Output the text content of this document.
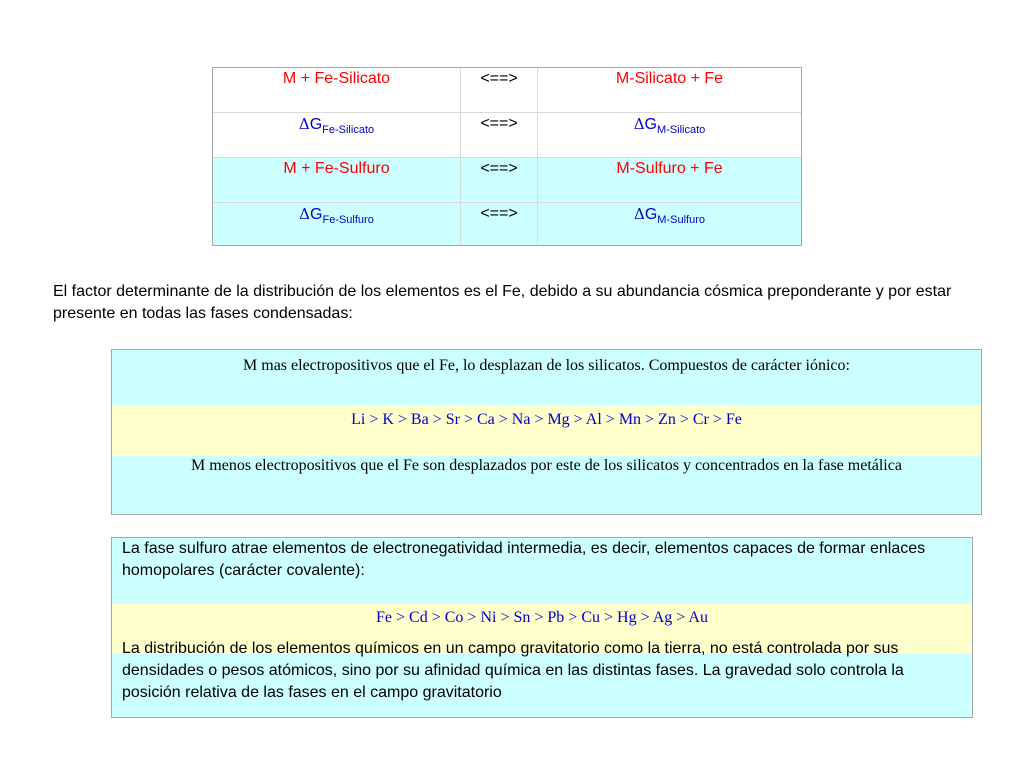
M + Fe-Silicato	<==>	M-Silicato + Fe
$\Delta G_{Fe-Silicato}$	<==>	$\Delta G_{M-Silicato}$
M + Fe-Sulfuro	<==>	M-Sulfuro + Fe
$\Delta G_{Fe-Sulfuro}$	<==>	$\Delta G_{M-Sulfuro}$
El factor determinante de la distribución de los elementos es el Fe, debido a su abundancia cósmica preponderante y por estar presente en todas las fases condensadas:
M mas electropositivos que el Fe, lo desplazan de los silicatos. Compuestos de carácter iónico:
Li > K > Ba > Sr > Ca > Na > Mg > Al > Mn > Zn > Cr > Fe
M menos electropositivos que el Fe son desplazados por este de los silicatos y concentrados en la fase metálica
La fase sulfuro atrae elementos de electronegatividad intermedia, es decir, elementos capaces de formar enlaces homopolares (carácter covalente):
Fe > Cd > Co > Ni > Sn > Pb > Cu > Hg > Ag > Au
La distribución de los elementos químicos en un campo gravitatorio como la tierra, no está controlada por sus densidades o pesos atómicos, sino por su afinidad química en las distintas fases. La gravedad solo controla la posición relativa de las fases en el campo gravitatorio
